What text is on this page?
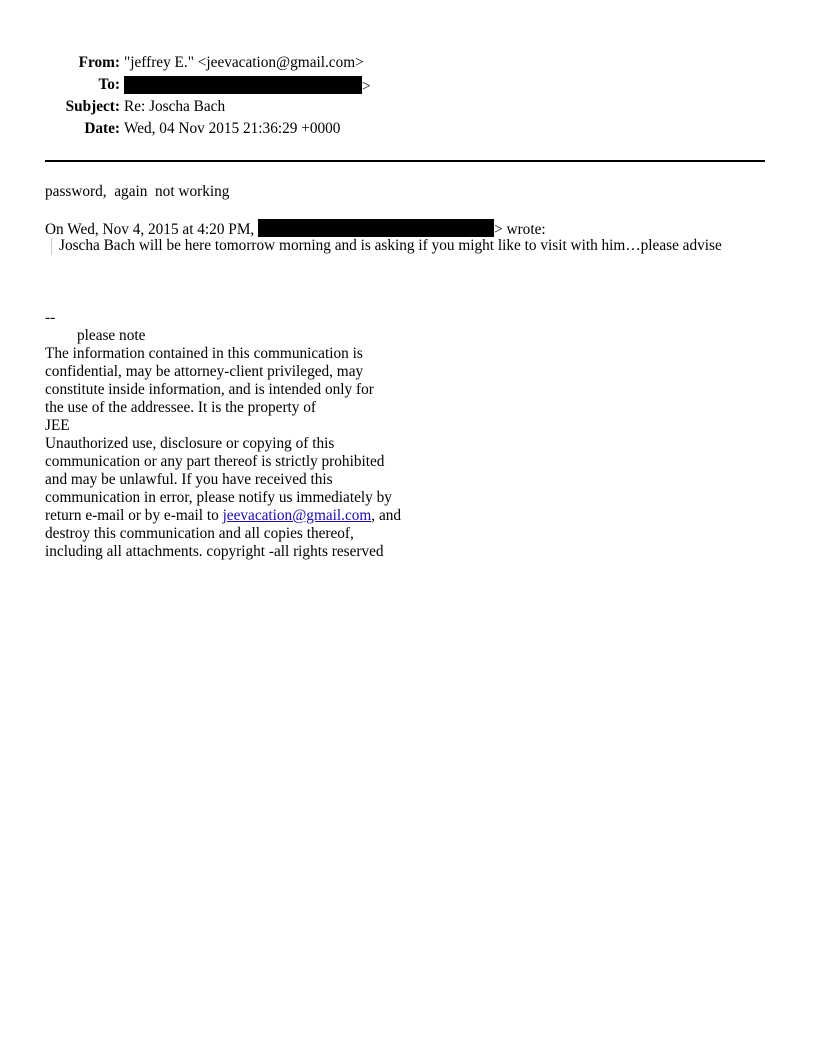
From: "jeffrey E." <jeevacation@gmail.com>
To:	>
Subject: Re: Joscha Bach
Date: Wed, 04 Nov 2015 21:36:29 +0000
password,  again  not working
On Wed, Nov 4, 2015 at 4:20 PM,	> wrote:
Joscha Bach will be here tomorrow morning and is asking if you might like to visit with him…please advise
--
please note
The information contained in this communication is
confidential, may be attorney-client privileged, may
constitute inside information, and is intended only for
the use of the addressee. It is the property of
JEE
Unauthorized use, disclosure or copying of this
communication or any part thereof is strictly prohibited
and may be unlawful. If you have received this
communication in error, please notify us immediately by
return e-mail or by e-mail to jeevacation@gmail.com, and
destroy this communication and all copies thereof,
including all attachments. copyright -all rights reserved
